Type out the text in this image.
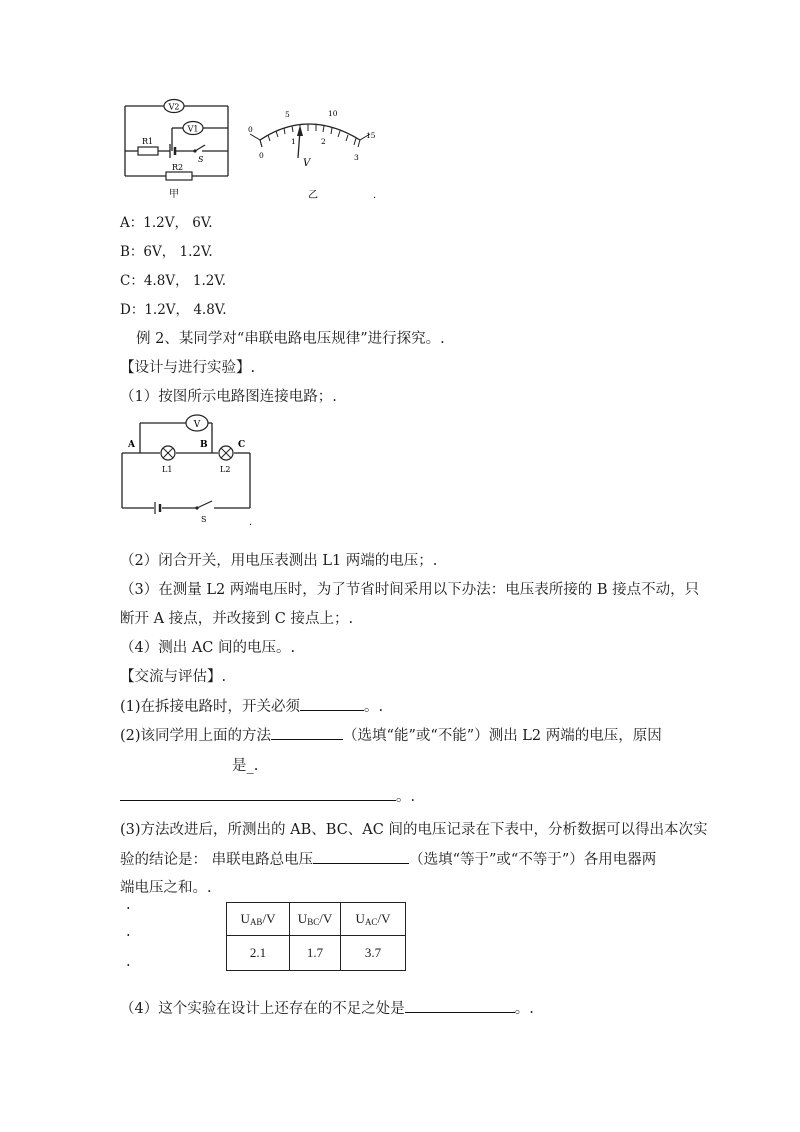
V2
V1
R1
S
R2
甲
0
5	10
15
0
1	2
3
V
乙	.
A：1.2V， 6V.
B：6V， 1.2V.
C：4.8V， 1.2V.
D：1.2V， 4.8V.
例 2、某同学对“串联电路电压规律”进行探究。.
【设计与进行实验】.
（1）按图所示电路图连接电路；.
V
A	B	C
L1	L2
S	.
（2）闭合开关，用电压表测出 L1 两端的电压；.
（3）在测量 L2 两端电压时，为了节省时间采用以下办法：电压表所接的 B 接点不动，只
断开 A 接点，并改接到 C 接点上；.
（4）测出 AC 间的电压。.
【交流与评估】.
(1)在拆接电路时，开关必须	。.
(2)该同学用上面的方法	（选填“能”或“不能”）测出 L2 两端的电压，原因
是_.
。.
(3)方法改进后，所测出的 AB、BC、AC 间的电压记录在下表中，分析数据可以得出本次实
验的结论是： 串联电路总电压	（选填“等于”或“不等于”）各用电器两
端电压之和。.
.
.
.
$U_{AB}/V$	$U_{BC}/V$	$U_{AC}/V$
2.1	1.7	3.7
（4）这个实验在设计上还存在的不足之处是	。.
